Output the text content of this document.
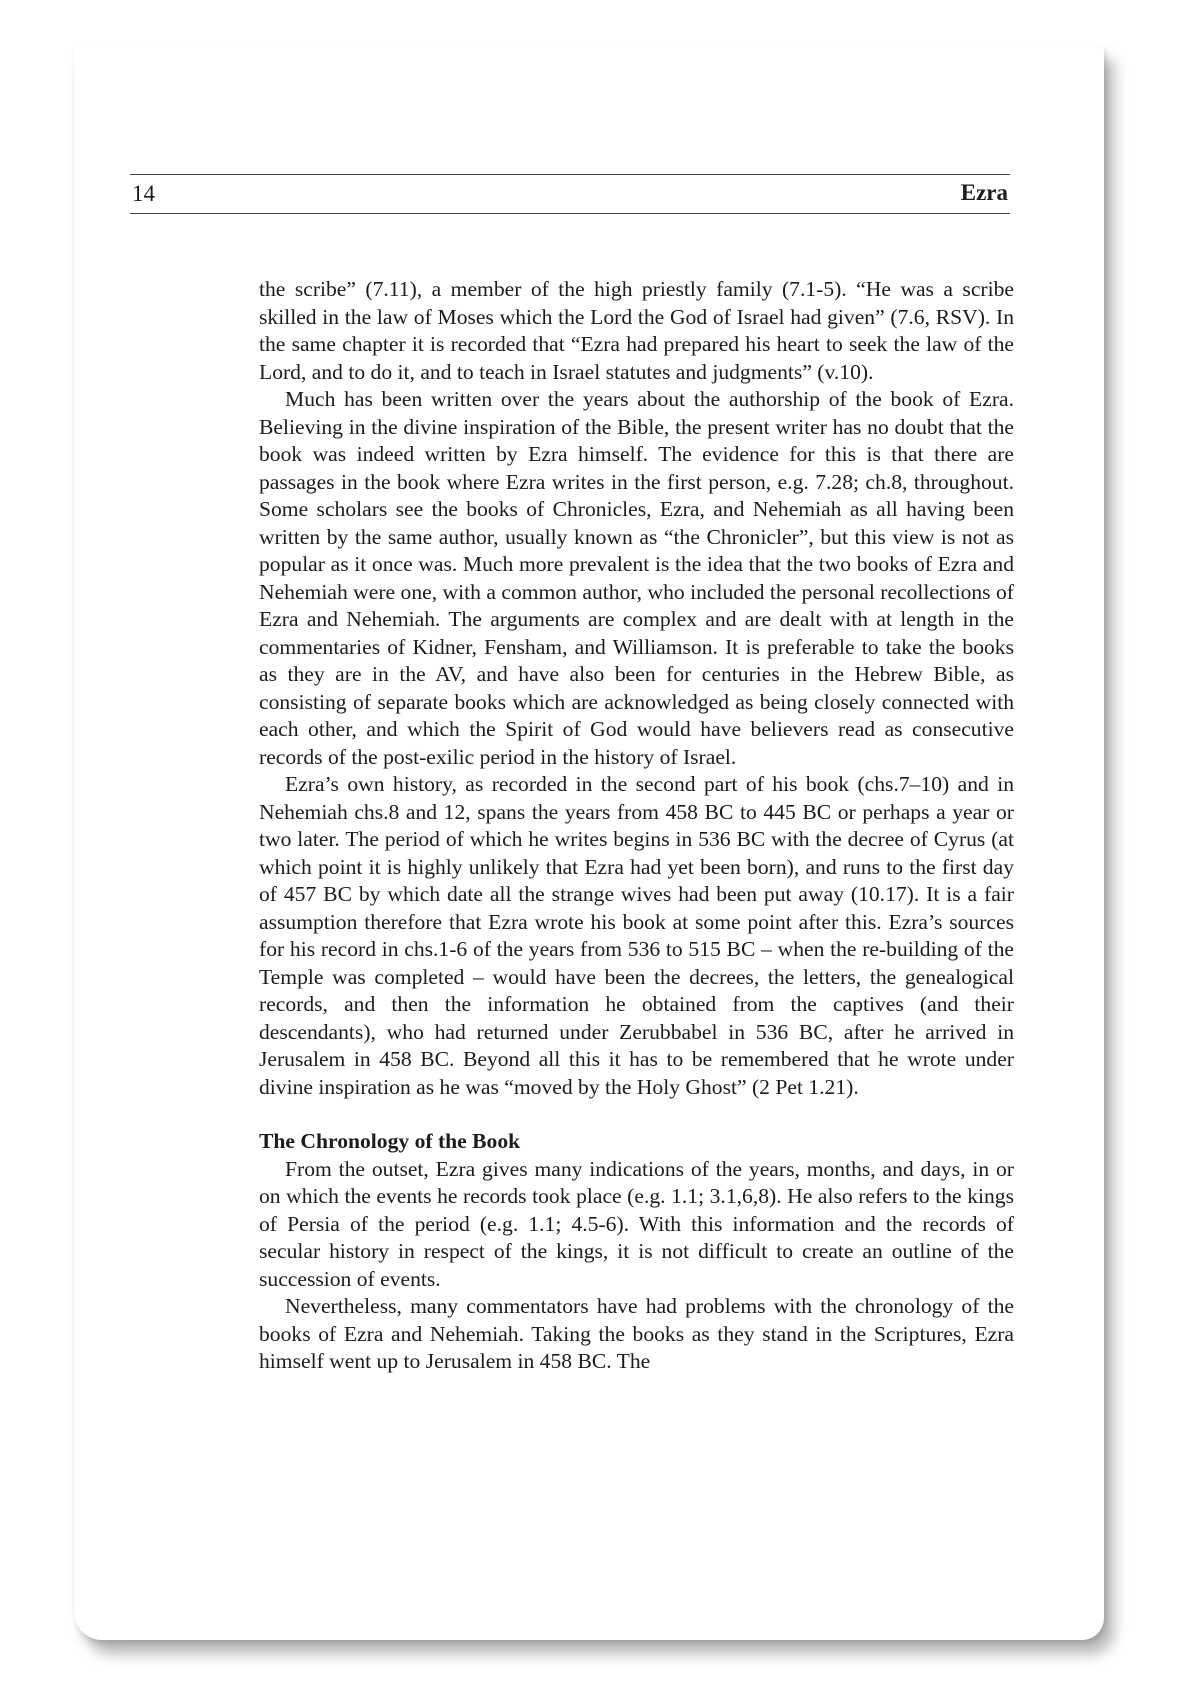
14	Ezra

the scribe” (7.11), a member of the high priestly family (7.1-5). “He was a scribe skilled in the law of Moses which the Lord the God of Israel had given” (7.6, RSV). In the same chapter it is recorded that “Ezra had prepared his heart to seek the law of the Lord, and to do it, and to teach in Israel statutes and judgments” (v.10).

Much has been written over the years about the authorship of the book of Ezra. Believing in the divine inspiration of the Bible, the present writer has no doubt that the book was indeed written by Ezra himself. The evidence for this is that there are passages in the book where Ezra writes in the first person, e.g. 7.28; ch.8, throughout. Some scholars see the books of Chronicles, Ezra, and Nehemiah as all having been written by the same author, usually known as “the Chronicler”, but this view is not as popular as it once was. Much more prevalent is the idea that the two books of Ezra and Nehemiah were one, with a common author, who included the personal recollections of Ezra and Nehemiah. The arguments are complex and are dealt with at length in the commentaries of Kidner, Fensham, and Williamson. It is preferable to take the books as they are in the AV, and have also been for centuries in the Hebrew Bible, as consisting of separate books which are acknowledged as being closely connected with each other, and which the Spirit of God would have believers read as consecutive records of the post-exilic period in the history of Israel.

Ezra’s own history, as recorded in the second part of his book (chs.7–10) and in Nehemiah chs.8 and 12, spans the years from 458 BC to 445 BC or perhaps a year or two later. The period of which he writes begins in 536 BC with the decree of Cyrus (at which point it is highly unlikely that Ezra had yet been born), and runs to the first day of 457 BC by which date all the strange wives had been put away (10.17). It is a fair assumption therefore that Ezra wrote his book at some point after this. Ezra’s sources for his record in chs.1-6 of the years from 536 to 515 BC – when the re-building of the Temple was completed – would have been the decrees, the letters, the genealogical records, and then the information he obtained from the captives (and their descendants), who had returned under Zerubbabel in 536 BC, after he arrived in Jerusalem in 458 BC. Beyond all this it has to be remembered that he wrote under divine inspiration as he was “moved by the Holy Ghost” (2 Pet 1.21).

The Chronology of the Book

From the outset, Ezra gives many indications of the years, months, and days, in or on which the events he records took place (e.g. 1.1; 3.1,6,8). He also refers to the kings of Persia of the period (e.g. 1.1; 4.5-6). With this information and the records of secular history in respect of the kings, it is not difficult to create an outline of the succession of events.

Nevertheless, many commentators have had problems with the chronology of the books of Ezra and Nehemiah. Taking the books as they stand in the Scriptures, Ezra himself went up to Jerusalem in 458 BC. The
